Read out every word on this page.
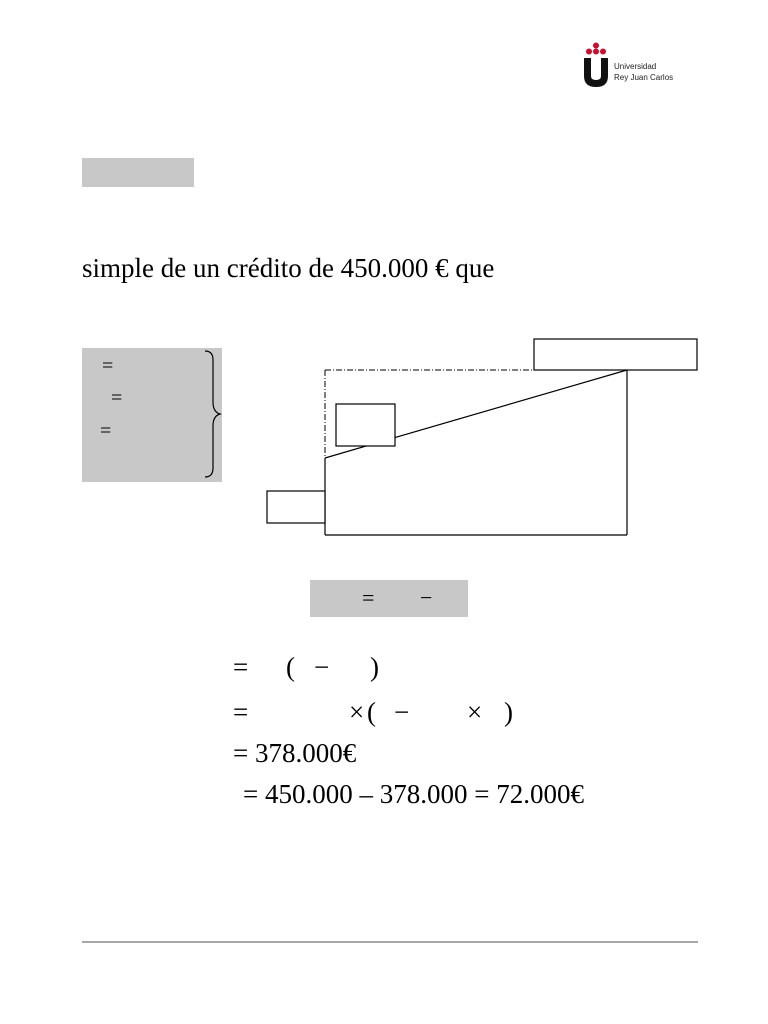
Universidad
Rey Juan Carlos
simple de un crédito de 450.000 € que
=
=
=
= −
= ( − )
=	× ( − × )
= 378.000€
= 450.000 – 378.000 = 72.000€
